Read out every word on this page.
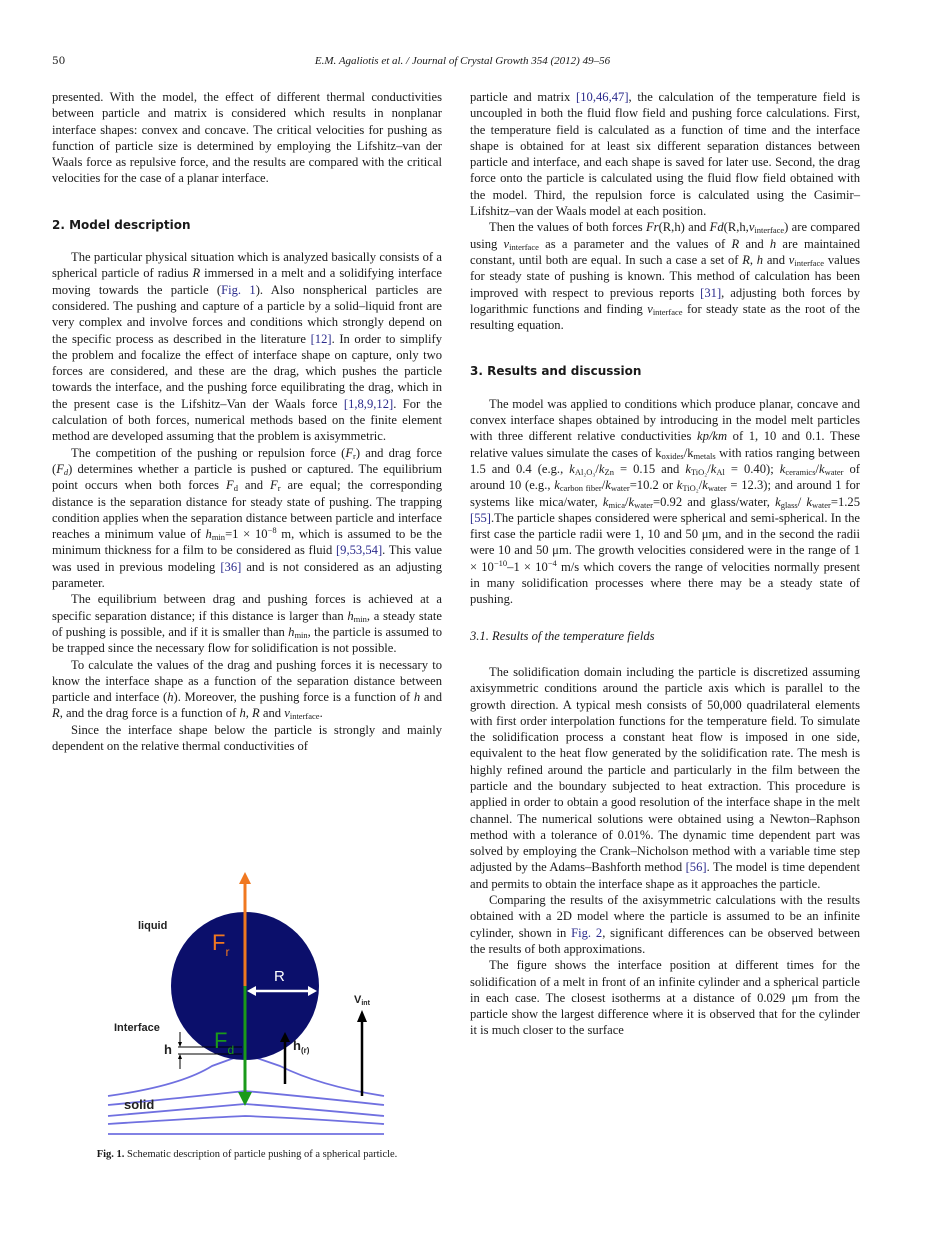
50	E.M. Agaliotis et al. / Journal of Crystal Growth 354 (2012) 49–56

presented. With the model, the effect of different thermal conductivities between particle and matrix is considered which results in nonplanar interface shapes: convex and concave. The critical velocities for pushing as function of particle size is determined by employing the Lifshitz–van der Waals force as repulsive force, and the results are compared with the critical velocities for the case of a planar interface.

2. Model description

The particular physical situation which is analyzed basically consists of a spherical particle of radius R immersed in a melt and a solidifying interface moving towards the particle (Fig. 1). Also nonspherical particles are considered. The pushing and capture of a particle by a solid–liquid front are very complex and involve forces and conditions which strongly depend on the specific process as described in the literature [12]. In order to simplify the problem and focalize the effect of interface shape on capture, only two forces are considered, and these are the drag, which pushes the particle towards the interface, and the pushing force equilibrating the drag, which in the present case is the Lifshitz–Van der Waals force [1,8,9,12]. For the calculation of both forces, numerical methods based on the finite element method are developed assuming that the problem is axisymmetric.

The competition of the pushing or repulsion force $(F_r)$ and drag force $(F_d)$ determines whether a particle is pushed or captured. The equilibrium point occurs when both forces $F_d$ and $F_r$ are equal; the corresponding distance is the separation distance for steady state of pushing. The trapping condition applies when the separation distance between particle and interface reaches a minimum value of $h_{min}=1 \times 10^{-8}$ m, which is assumed to be the minimum thickness for a film to be considered as fluid [9,53,54]. This value was used in previous modeling [36] and is not considered as an adjusting parameter.

The equilibrium between drag and pushing forces is achieved at a specific separation distance; if this distance is larger than $h_{min}$, a steady state of pushing is possible, and if it is smaller than $h_{min}$, the particle is assumed to be trapped since the necessary flow for solidification is not possible.

To calculate the values of the drag and pushing forces it is necessary to know the interface shape as a function of the separation distance between particle and interface (h). Moreover, the pushing force is a function of h and R, and the drag force is a function of h, R and $v_{interface}$.

Since the interface shape below the particle is strongly and mainly dependent on the relative thermal conductivities of

liquid
Interface
solid
$F_r$
$F_d$
R
h	$h_{(r)}$
$V_{int}$
Fig. 1. Schematic description of particle pushing of a spherical particle.

particle and matrix [10,46,47], the calculation of the temperature field is uncoupled in both the fluid flow field and pushing force calculations. First, the temperature field is calculated as a function of time and the interface shape is obtained for at least six different separation distances between particle and interface, and each shape is saved for later use. Second, the drag force onto the particle is calculated using the fluid flow field obtained with the model. Third, the repulsion force is calculated using the Casimir–Lifshitz–van der Waals model at each position.

Then the values of both forces Fr(R,h) and $Fd(R,h,v_{interface})$ are compared using $v_{interface}$ as a parameter and the values of R and h are maintained constant, until both are equal. In such a case a set of R, h and $v_{interface}$ values for steady state of pushing is known. This method of calculation has been improved with respect to previous reports [31], adjusting both forces by logarithmic functions and finding $v_{interface}$ for steady state as the root of the resulting equation.

3. Results and discussion

The model was applied to conditions which produce planar, concave and convex interface shapes obtained by introducing in the model melt particles with three different relative conductivities kp/km of 1, 10 and 0.1. These relative values simulate the cases of $k_{oxides}/k_{metals}$ with ratios ranging between 1.5 and 0.4 (e.g., $k_{Al_2O_3}/k_{Zn} = 0.15$ and $k_{TiO_2}/k_{Al} = 0.40$); $k_{ceramics}/k_{water}$ of around 10 (e.g., $k_{carbon fiber}/k_{water}=10.2$ or $k_{TiO_2}/k_{water} = 12.3$); and around 1 for systems like mica/water, $k_{mica}/k_{water}=0.92$ and glass/water, $k_{glass}/$ $k_{water}=1.25$ [55].The particle shapes considered were spherical and semi-spherical. In the first case the particle radii were 1, 10 and 50 μm, and in the second the radii were 10 and 50 μm. The growth velocities considered were in the range of $1 \times 10^{-10}-1 \times 10^{-4}$ m/s which covers the range of velocities normally present in many solidification processes where there may be a steady state of pushing.

3.1. Results of the temperature fields

The solidification domain including the particle is discretized assuming axisymmetric conditions around the particle axis which is parallel to the growth direction. A typical mesh consists of 50,000 quadrilateral elements with first order interpolation functions for the temperature field. To simulate the solidification process a constant heat flow is imposed in one side, equivalent to the heat flow generated by the solidification rate. The mesh is highly refined around the particle and particularly in the film between the particle and the boundary subjected to heat extraction. This procedure is applied in order to obtain a good resolution of the interface shape in the melt channel. The numerical solutions were obtained using a Newton–Raphson method with a tolerance of 0.01%. The dynamic time dependent part was solved by employing the Crank–Nicholson method with a variable time step adjusted by the Adams–Bashforth method [56]. The model is time dependent and permits to obtain the interface shape as it approaches the particle.

Comparing the results of the axisymmetric calculations with the results obtained with a 2D model where the particle is assumed to be an infinite cylinder, shown in Fig. 2, significant differences can be observed between the results of both approximations.

The figure shows the interface position at different times for the solidification of a melt in front of an infinite cylinder and a spherical particle in each case. The closest isotherms at a distance of 0.029 μm from the particle show the largest difference where it is observed that for the cylinder it is much closer to the surface
